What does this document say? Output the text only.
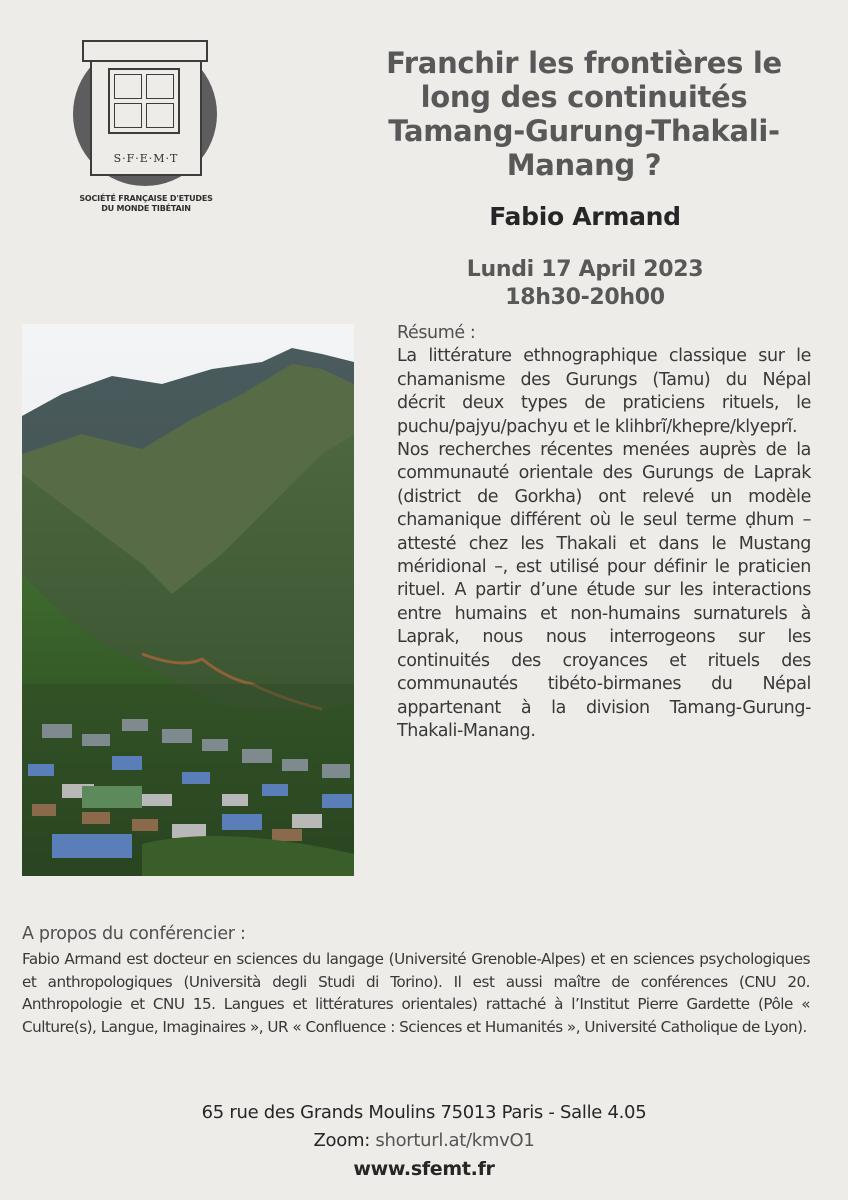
S·F·E·M·T
SOCIÉTÉ FRANÇAISE D'ETUDES
DU MONDE TIBÉTAIN
Franchir les frontières le long des continuités Tamang-Gurung-Thakali-Manang ?
Fabio Armand
Lundi 17 April 2023
18h30-20h00
Résumé :

La littérature ethnographique classique sur le chamanisme des Gurungs (Tamu) du Népal décrit deux types de praticiens rituels, le puchu/pajyu/pachyu et le klihbrĩ/khepre/klyeprĩ.

Nos recherches récentes menées auprès de la communauté orientale des Gurungs de Laprak (district de Gorkha) ont relevé un modèle chamanique différent où le seul terme ḍhum – attesté chez les Thakali et dans le Mustang méridional –, est utilisé pour définir le praticien rituel. A partir d’une étude sur les interactions entre humains et non-humains surnaturels à Laprak, nous nous interrogeons sur les continuités des croyances et rituels des communautés tibéto-birmanes du Népal appartenant à la division Tamang-Gurung-Thakali-Manang.

A propos du conférencier :

Fabio Armand est docteur en sciences du langage (Université Grenoble-Alpes) et en sciences psychologiques et anthropologiques (Università degli Studi di Torino). Il est aussi maître de conférences (CNU 20. Anthropologie et CNU 15. Langues et littératures orientales) rattaché à l’Institut Pierre Gardette (Pôle « Culture(s), Langue, Imaginaires », UR « Confluence : Sciences et Humanités », Université Catholique de Lyon).

65 rue des Grands Moulins 75013 Paris - Salle 4.05
Zoom: shorturl.at/kmvO1
www.sfemt.fr
